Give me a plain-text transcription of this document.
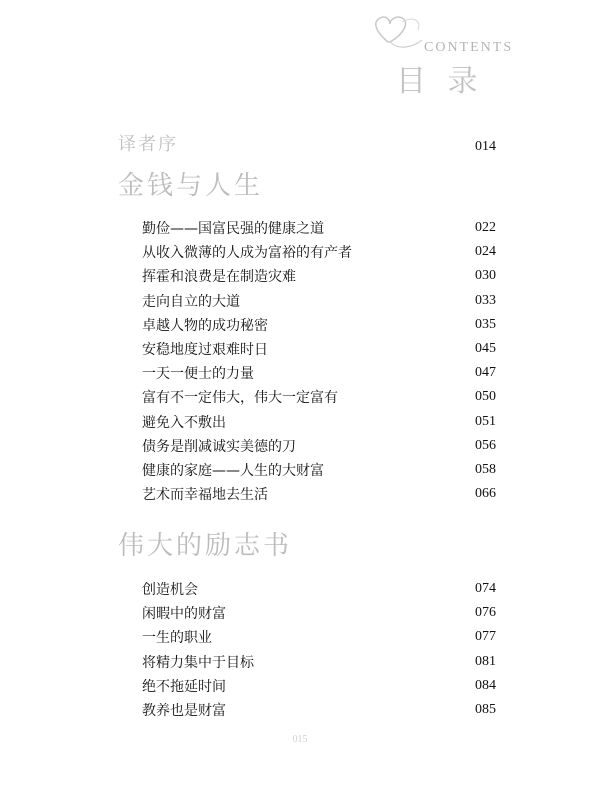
CONTENTS
目 录
译者序	014
金钱与人生
勤俭——国富民强的健康之道	022
从收入微薄的人成为富裕的有产者	024
挥霍和浪费是在制造灾难	030
走向自立的大道	033
卓越人物的成功秘密	035
安稳地度过艰难时日	045
一天一便士的力量	047
富有不一定伟大，伟大一定富有	050
避免入不敷出	051
债务是削减诚实美德的刀	056
健康的家庭——人生的大财富	058
艺术而幸福地去生活	066
伟大的励志书
创造机会	074
闲暇中的财富	076
一生的职业	077
将精力集中于目标	081
绝不拖延时间	084
教养也是财富	085
015
